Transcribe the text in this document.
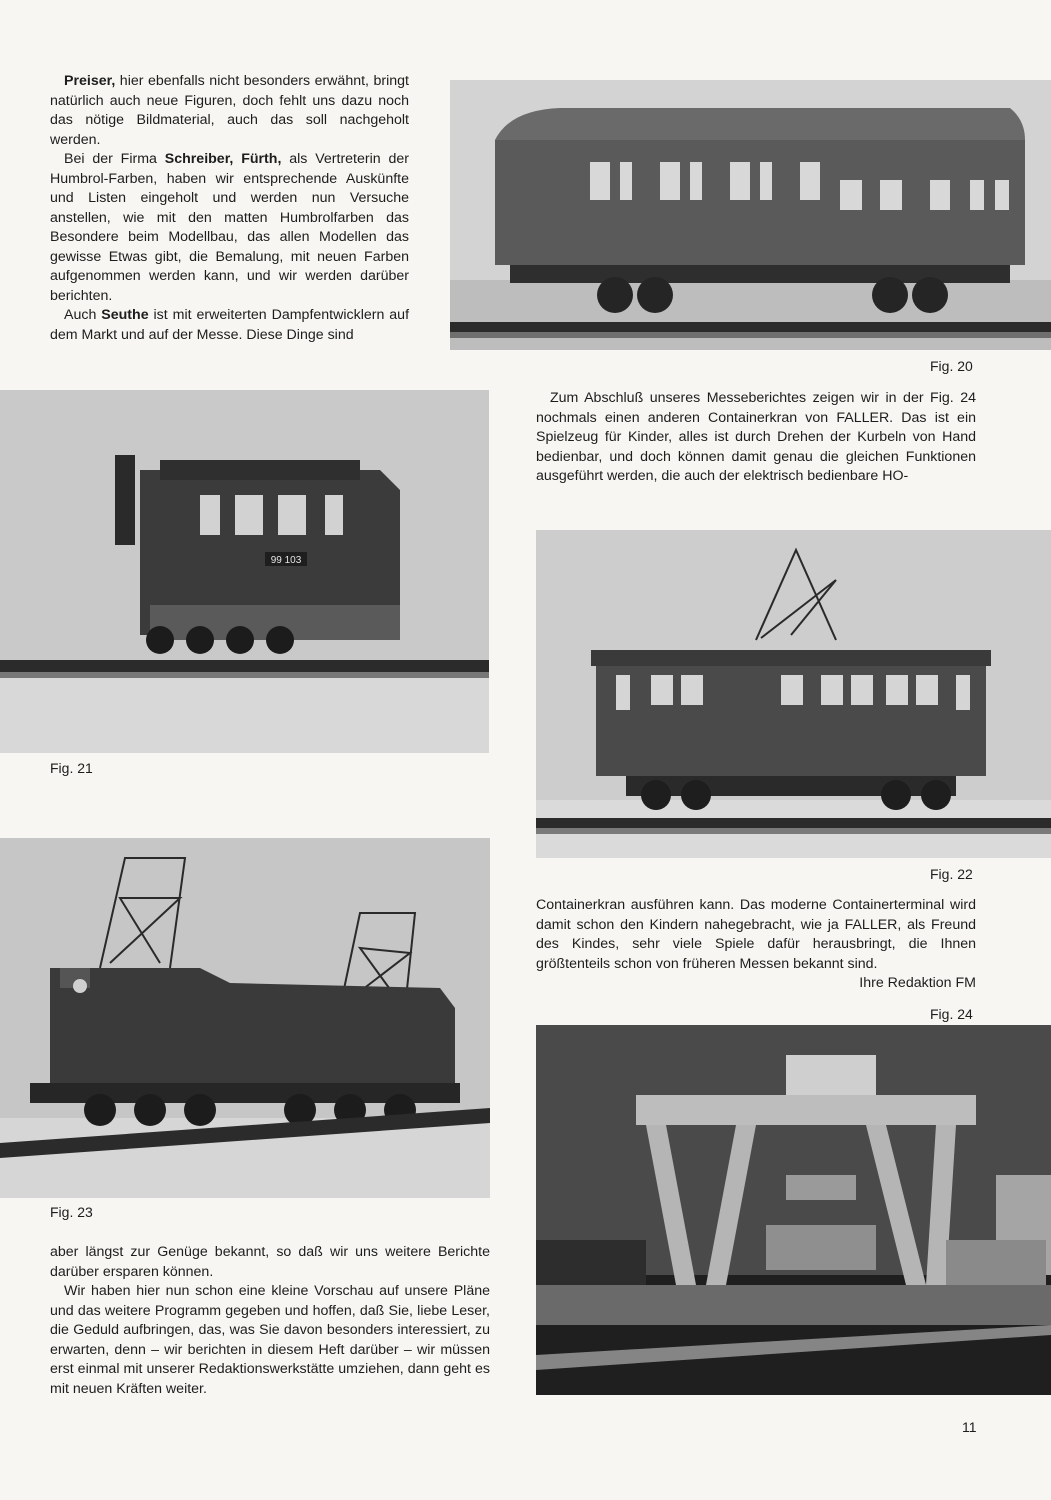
Preiser, hier ebenfalls nicht besonders erwähnt, bringt natürlich auch neue Figuren, doch fehlt uns dazu noch das nötige Bildmaterial, auch das soll nachgeholt werden.

Bei der Firma Schreiber, Fürth, als Vertreterin der Humbrol-Farben, haben wir entsprechende Auskünfte und Listen eingeholt und werden nun Versuche anstellen, wie mit den matten Humbrolfarben das Besondere beim Modellbau, das allen Modellen das gewisse Etwas gibt, die Bemalung, mit neuen Farben aufgenommen werden kann, und wir werden darüber berichten.

Auch Seuthe ist mit erweiterten Dampfentwicklern auf dem Markt und auf der Messe. Diese Dinge sind

Fig. 20

Zum Abschluß unseres Messeberichtes zeigen wir in der Fig. 24 nochmals einen anderen Containerkran von FALLER. Das ist ein Spielzeug für Kinder, alles ist durch Drehen der Kurbeln von Hand bedienbar, und doch können damit genau die gleichen Funktionen ausgeführt werden, die auch der elektrisch bedienbare HO-

99 103
Fig. 21
Fig. 22

Containerkran ausführen kann. Das moderne Containerterminal wird damit schon den Kindern nahegebracht, wie ja FALLER, als Freund des Kindes, sehr viele Spiele dafür herausbringt, die Ihnen größtenteils schon von früheren Messen bekannt sind.

Ihre Redaktion FM
Fig. 24
Fig. 23

aber längst zur Genüge bekannt, so daß wir uns weitere Berichte darüber ersparen können.

Wir haben hier nun schon eine kleine Vorschau auf unsere Pläne und das weitere Programm gegeben und hoffen, daß Sie, liebe Leser, die Geduld aufbringen, das, was Sie davon besonders interessiert, zu erwarten, denn – wir berichten in diesem Heft darüber – wir müssen erst einmal mit unserer Redaktionswerkstätte umziehen, dann geht es mit neuen Kräften weiter.

11
